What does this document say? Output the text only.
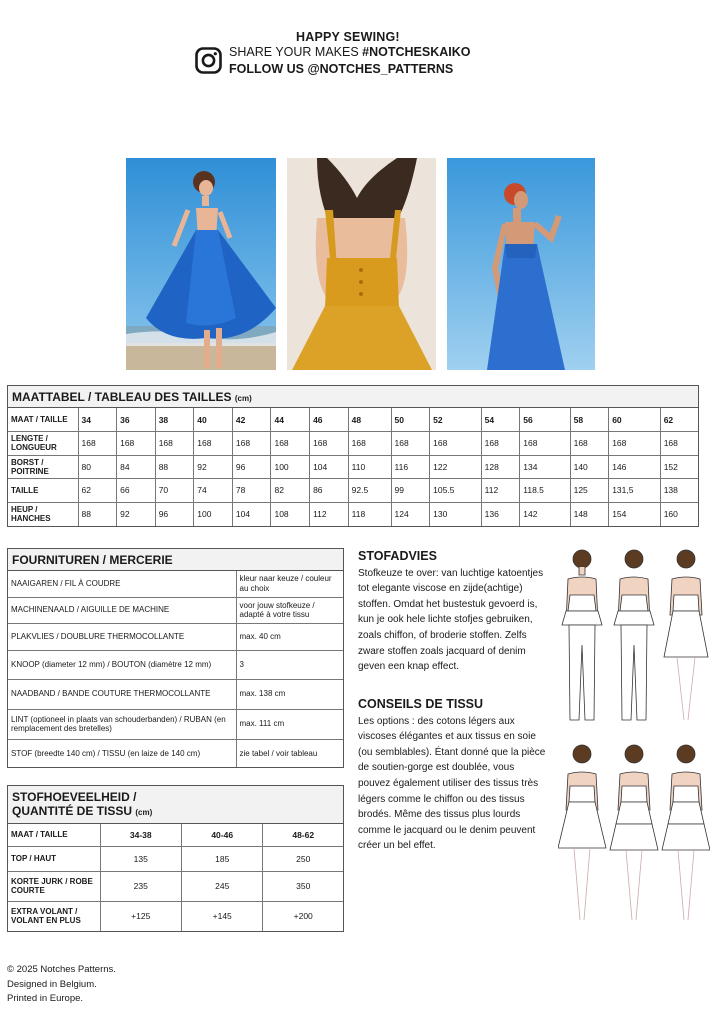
HAPPY SEWING!
SHARE YOUR MAKES #NOTCHESKAIKO
FOLLOW US @NOTCHES_PATTERNS
MAATTABEL / TABLEAU DES TAILLES (cm)
MAAT / TAILLE	34	36	38	40	42	44	46	48	50	52	54	56	58	60	62
LENGTE / LONGUEUR	168	168	168	168	168	168	168	168	168	168	168	168	168	168	168
BORST / POITRINE	80	84	88	92	96	100	104	110	116	122	128	134	140	146	152
TAILLE	62	66	70	74	78	82	86	92.5	99	105.5	112	118.5	125	131,5	138
HEUP / HANCHES	88	92	96	100	104	108	112	118	124	130	136	142	148	154	160
FOURNITUREN / MERCERIE
NAAIGAREN / FIL À COUDRE	kleur naar keuze / couleur au choix
MACHINENAALD / AIGUILLE DE MACHINE	voor jouw stofkeuze / adapté à votre tissu
PLAKVLIES / DOUBLURE THERMOCOLLANTE	max. 40 cm
KNOOP (diameter 12 mm) / BOUTON (diamètre 12 mm)	3
NAADBAND / BANDE COUTURE THERMOCOLLANTE	max. 138 cm
LINT (optioneel in plaats van schouderbanden) / RUBAN (en remplacement des bretelles)	max. 111 cm
STOF (breedte 140 cm) / TISSU (en laize de 140 cm)	zie tabel / voir tableau
STOFHOEVEELHEID /
QUANTITÉ DE TISSU (cm)
MAAT / TAILLE	34-38	40-46	48-62
TOP / HAUT	135	185	250
KORTE JURK / ROBE COURTE	235	245	350
EXTRA VOLANT / VOLANT EN PLUS	+125	+145	+200
STOFADVIES

Stofkeuze te over: van luchtige katoentjes tot elegante viscose en zijde(achtige) stoffen. Omdat het bustestuk gevoerd is, kun je ook hele lichte stofjes gebruiken, zoals chiffon, of broderie stoffen. Zelfs zware stoffen zoals jacquard of denim geven een knap effect.

CONSEILS DE TISSU

Les options : des cotons légers aux viscoses élégantes et aux tissus en soie (ou semblables). Étant donné que la pièce de soutien-gorge est doublée, vous pouvez également utiliser des tissus très légers comme le chiffon ou des tissus brodés. Même des tissus plus lourds comme le jacquard ou le denim peuvent créer un bel effet.

© 2025 Notches Patterns.
Designed in Belgium.
Printed in Europe.
